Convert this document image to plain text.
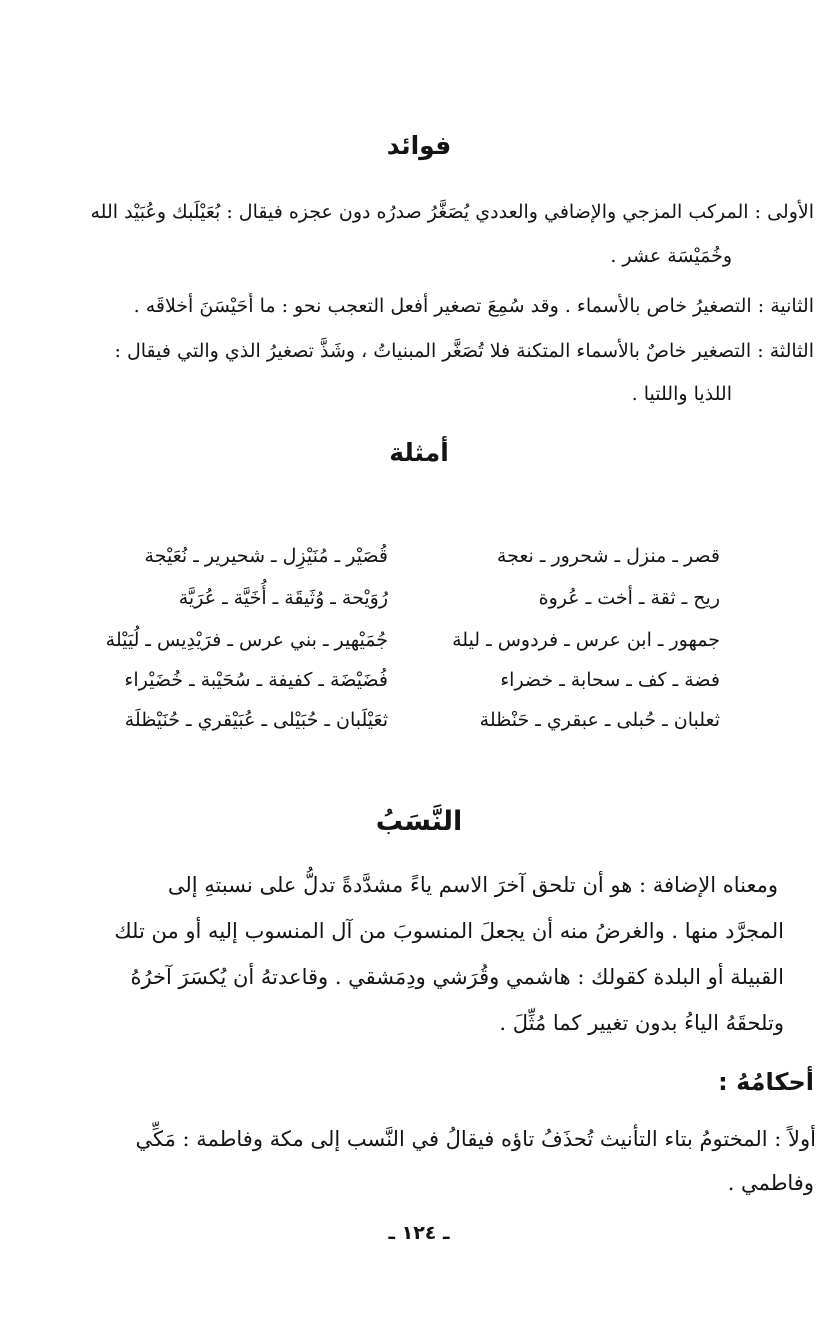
فوائد
الأولى : المركب المزجي والإضافي والعددي يُصَغَّرُ صدرُه دون عجزه فيقال : بُعَيْلَبك وعُبَيْد الله
وخُمَيْسَة عشر .
الثانية : التصغيرُ خاص بالأسماء . وقد سُمِعَ تصغير أفعل التعجب نحو : ما أُحَيْسَنَ أخلاقَه .
الثالثة : التصغير خاصٌ بالأسماء المتكنة فلا تُصَغَّر المبنياتُ ، وشَذَّ تصغيرُ الذي والتي فيقال :
اللذيا واللتيا .
أمثلة
قصر ـ منزل ـ شحرور ـ نعجة
قُصَيْر ـ مُنَيْزِل ـ شحيرير ـ نُعَيْجة
ريح ـ ثقة ـ أخت ـ عُروة
رُوَيْحة ـ وُثَيقَة ـ أُخَيَّة ـ عُرَيَّة
جمهور ـ ابن عرس ـ فردوس ـ ليلة
جُمَيْهير ـ بني عرس ـ فرَيْدِيس ـ لُيَيْلة
فضة ـ كف ـ سحابة ـ خضراء
فُضَيْضَة ـ كفيفة ـ سُحَيْبة ـ خُضَيْراء
ثعلبان ـ حُبلى ـ عبقري ـ حَنْظلة
ثعَيْلَبان ـ حُبَيْلى ـ عُبَيْقري ـ حُنَيْظلَة
النَّسَبُ
ومعناه الإضافة : هو أن تلحق آخرَ الاسم ياءً مشدَّدةً تدلُّ على نسبتهِ إلى
المجرَّد منها . والغرضُ منه أن يجعلَ المنسوبَ من آل المنسوب إليه أو من تلك
القبيلة أو البلدة كقولك : هاشمي وقُرَشي ودِمَشقي . وقاعدتهُ أن يُكسَرَ آخرُهُ
وتلحقَهُ الياءُ بدون تغيير كما مُثِّلَ .
أحكامُهُ :
أولاً : المختومُ بتاء التأنيث تُحذَفُ تاؤه فيقالُ في النَّسب إلى مكة وفاطمة : مَكِّي
وفاطمي .
ـ ١٢٤ ـ
